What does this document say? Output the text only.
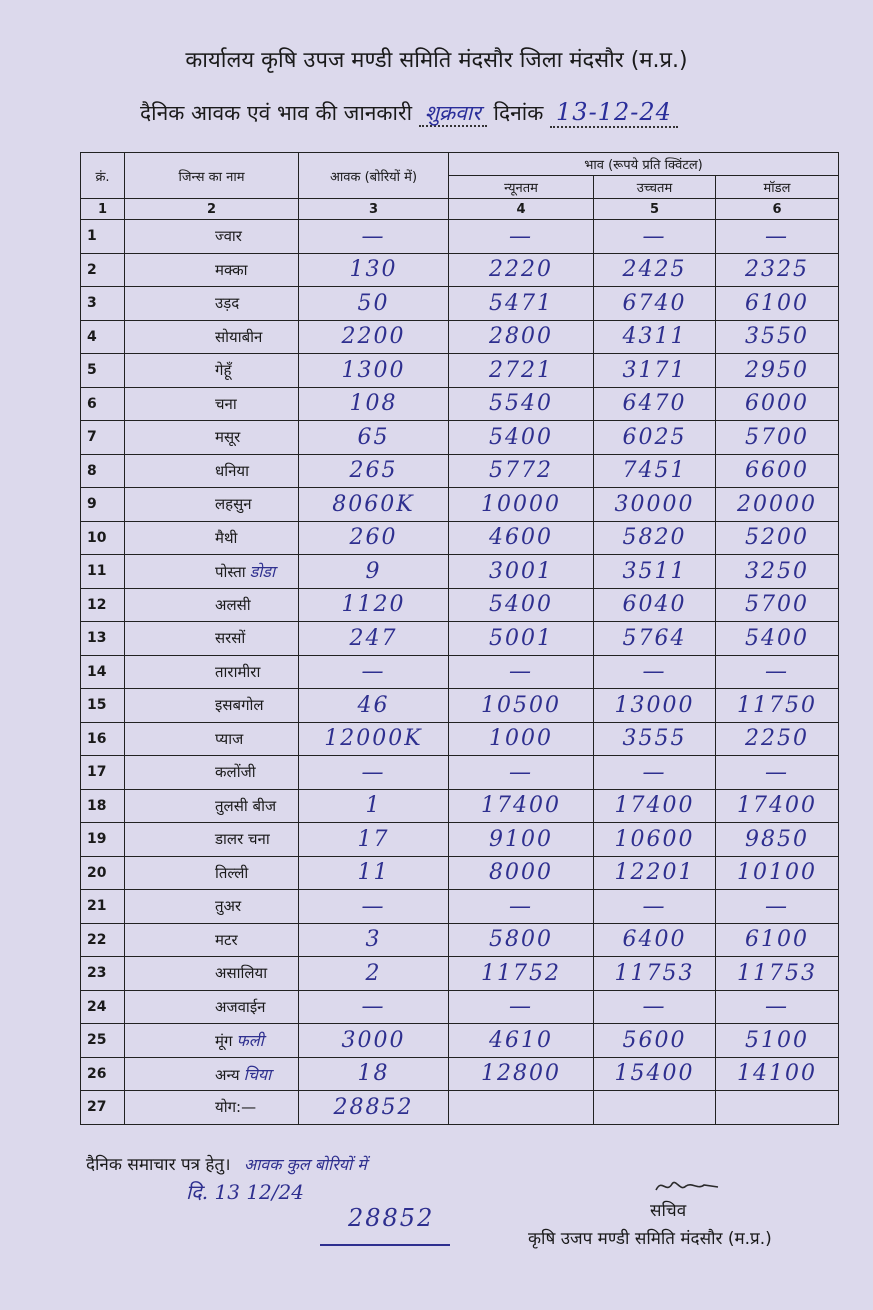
कार्यालय कृषि उपज मण्डी समिति मंदसौर जिला मंदसौर (म.प्र.)
दैनिक आवक एवं भाव की जानकारी शुक्रवार दिनांक 13-12-24
क्रं.	जिन्स का नाम	आवक (बोरियों में)	भाव (रूपये प्रति क्विंटल)		
			न्यूनतम	उच्चतम	मॉडल
1	2	3	4	5	6
1	ज्वार	—	—	—	—
2	मक्का	130	2220	2425	2325
3	उड़द	50	5471	6740	6100
4	सोयाबीन	2200	2800	4311	3550
5	गेहूँ	1300	2721	3171	2950
6	चना	108	5540	6470	6000
7	मसूर	65	5400	6025	5700
8	धनिया	265	5772	7451	6600
9	लहसुन	8060K	10000	30000	20000
10	मैथी	260	4600	5820	5200
11	पोस्ता डोडा	9	3001	3511	3250
12	अलसी	1120	5400	6040	5700
13	सरसों	247	5001	5764	5400
14	तारामीरा	—	—	—	—
15	इसबगोल	46	10500	13000	11750
16	प्याज	12000K	1000	3555	2250
17	कलोंजी	—	—	—	—
18	तुलसी बीज	1	17400	17400	17400
19	डालर चना	17	9100	10600	9850
20	तिल्ली	11	8000	12201	10100
21	तुअर	—	—	—	—
22	मटर	3	5800	6400	6100
23	असालिया	2	11752	11753	11753
24	अजवाईन	—	—	—	—
25	मूंग फली	3000	4610	5600	5100
26	अन्य चिया	18	12800	15400	14100
27	योग:—	28852			
दैनिक समाचार पत्र हेतु। आवक कुल बोरियों में
दि. 13 12/24
28852	सचिव
कृषि उजप मण्डी समिति मंदसौर (म.प्र.)
